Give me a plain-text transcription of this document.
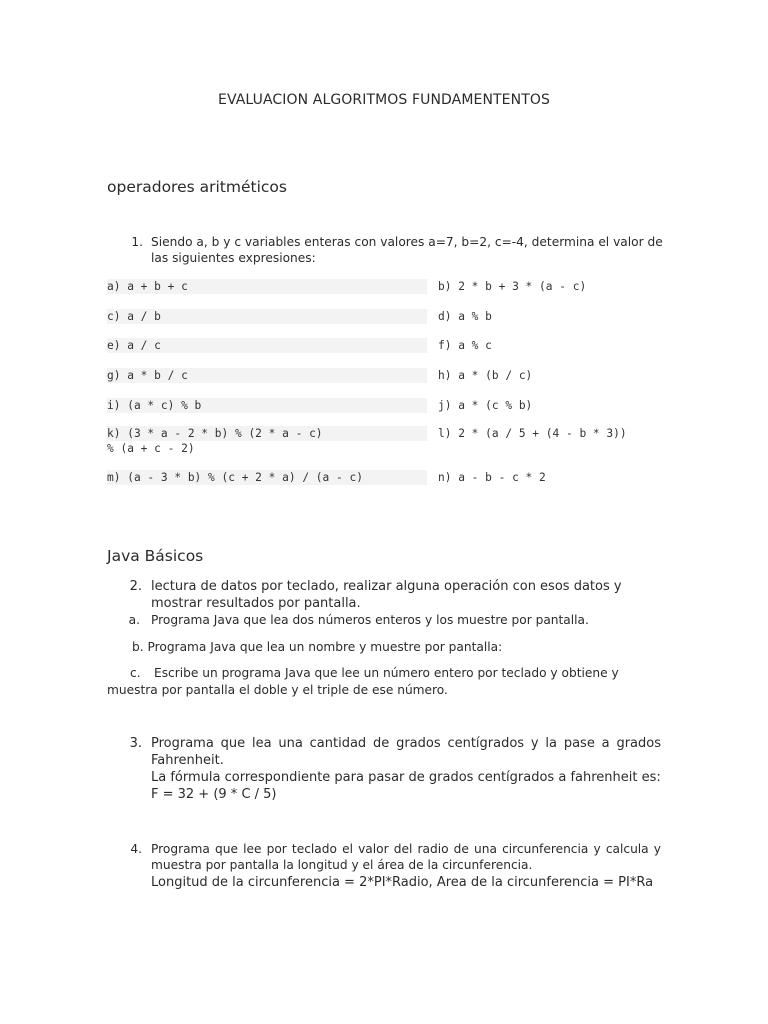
EVALUACION ALGORITMOS FUNDAMENTENTOS
operadores aritméticos
1. Siendo a, b y c variables enteras con valores a=7, b=2, c=-4, determina el valor de las siguientes expresiones:
a) a + b + c	b) 2 * b + 3 * (a - c)
c) a / b	d) a % b
e) a / c	f) a % c
g) a * b / c	h) a * (b / c)
i) (a * c) % b	j) a * (c % b)
k) (3 * a - 2 * b) % (2 * a - c)
% (a + c - 2)
l) 2 * (a / 5 + (4 - b * 3))
m) (a - 3 * b) % (c + 2 * a) / (a - c)	n) a - b - c * 2
Java Básicos
2. lectura de datos por teclado, realizar alguna operación con esos datos y mostrar resultados por pantalla.
a. Programa Java que lea dos números enteros y los muestre por pantalla.
b. Programa Java que lea un nombre y muestre por pantalla:
c. Escribe un programa Java que lee un número entero por teclado y obtiene y
muestra por pantalla el doble y el triple de ese número.
3. Programa que lea una cantidad de grados centígrados y la pase a grados Fahrenheit.
La fórmula correspondiente para pasar de grados centígrados a fahrenheit es:
F = 32 + (9 * C / 5)
4. Programa que lee por teclado el valor del radio de una circunferencia y calcula y muestra por pantalla la longitud y el área de la circunferencia.
Longitud de la circunferencia = 2*PI*Radio, Area de la circunferencia = PI*Ra
